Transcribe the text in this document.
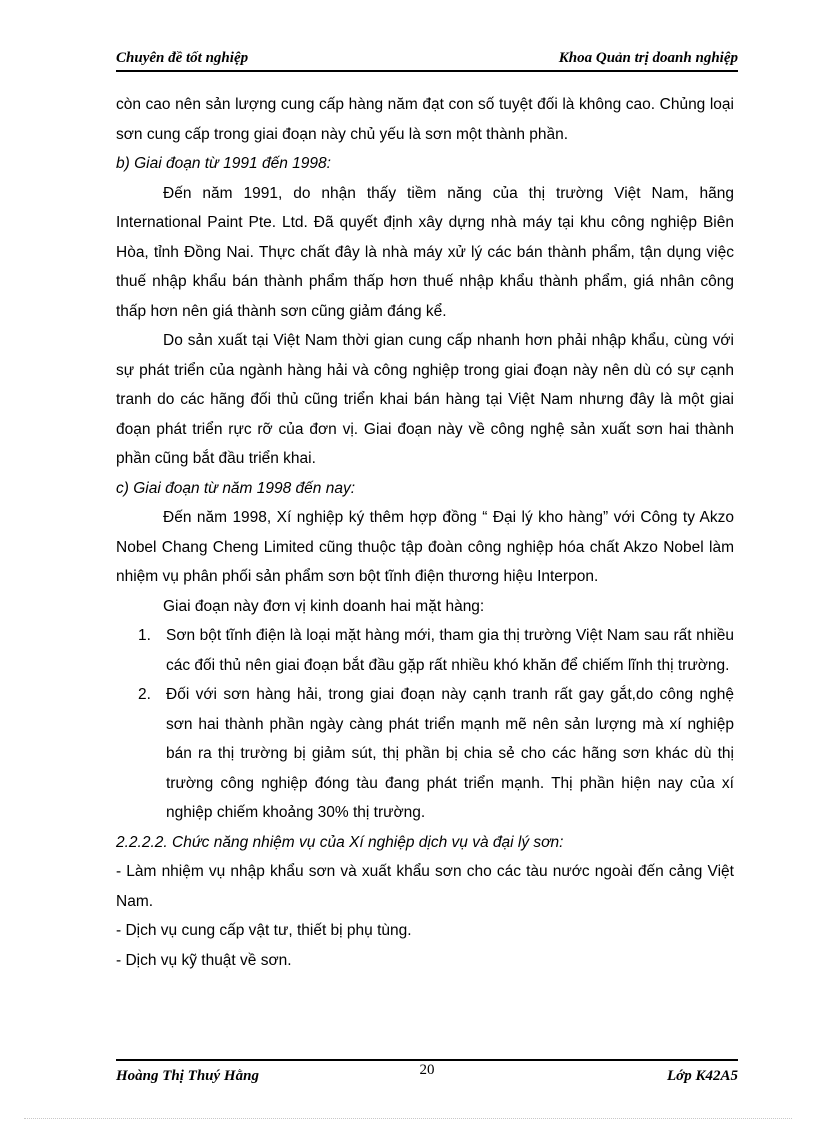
Chuyên đề tốt nghiệp	Khoa Quản trị doanh nghiệp

còn cao nên sản lượng cung cấp hàng năm đạt con số tuyệt đối là không cao. Chủng loại sơn cung cấp trong giai đoạn này chủ yếu là sơn một thành phần.

b) Giai đoạn từ 1991 đến 1998:

Đến năm 1991, do nhận thấy tiềm năng của thị trường Việt Nam, hãng International Paint Pte. Ltd. Đã quyết định xây dựng nhà máy tại khu công nghiệp Biên Hòa, tỉnh Đồng Nai. Thực chất đây là nhà máy xử lý các bán thành phẩm, tận dụng việc thuế nhập khẩu bán thành phẩm thấp hơn thuế nhập khẩu thành phẩm, giá nhân công thấp hơn nên giá thành sơn cũng giảm đáng kể.

Do sản xuất tại Việt Nam thời gian cung cấp nhanh hơn phải nhập khẩu, cùng với sự phát triển của ngành hàng hải và công nghiệp trong giai đoạn này nên dù có sự cạnh tranh do các hãng đối thủ cũng triển khai bán hàng tại Việt Nam nhưng đây là một giai đoạn phát triển rực rỡ của đơn vị. Giai đoạn này về công nghệ sản xuất sơn hai thành phần cũng bắt đầu triển khai.

c) Giai đoạn từ năm 1998 đến nay:

Đến năm 1998, Xí nghiệp ký thêm hợp đồng “ Đại lý kho hàng” với Công ty Akzo Nobel Chang Cheng Limited cũng thuộc tập đoàn công nghiệp hóa chất Akzo Nobel làm nhiệm vụ phân phối sản phẩm sơn bột tĩnh điện thương hiệu Interpon.

Giai đoạn này đơn vị kinh doanh hai mặt hàng:

1. Sơn bột tĩnh điện là loại mặt hàng mới, tham gia thị trường Việt Nam sau rất nhiều các đối thủ nên giai đoạn bắt đầu gặp rất nhiều khó khăn để chiếm lĩnh thị trường.
2. Đối với sơn hàng hải, trong giai đoạn này cạnh tranh rất gay gắt,do công nghệ sơn hai thành phần ngày càng phát triển mạnh mẽ nên sản lượng mà xí nghiệp bán ra thị trường bị giảm sút, thị phần bị chia sẻ cho các hãng sơn khác dù thị trường công nghiệp đóng tàu đang phát triển mạnh. Thị phần hiện nay của xí nghiệp chiếm khoảng 30% thị trường.

2.2.2.2. Chức năng nhiệm vụ của Xí nghiệp dịch vụ và đại lý sơn:

- Làm nhiệm vụ nhập khẩu sơn và xuất khẩu sơn cho các tàu nước ngoài đến cảng Việt Nam.

- Dịch vụ cung cấp vật tư, thiết bị phụ tùng.

- Dịch vụ kỹ thuật về sơn.

Hoàng Thị Thuý Hằng	20	Lớp K42A5
